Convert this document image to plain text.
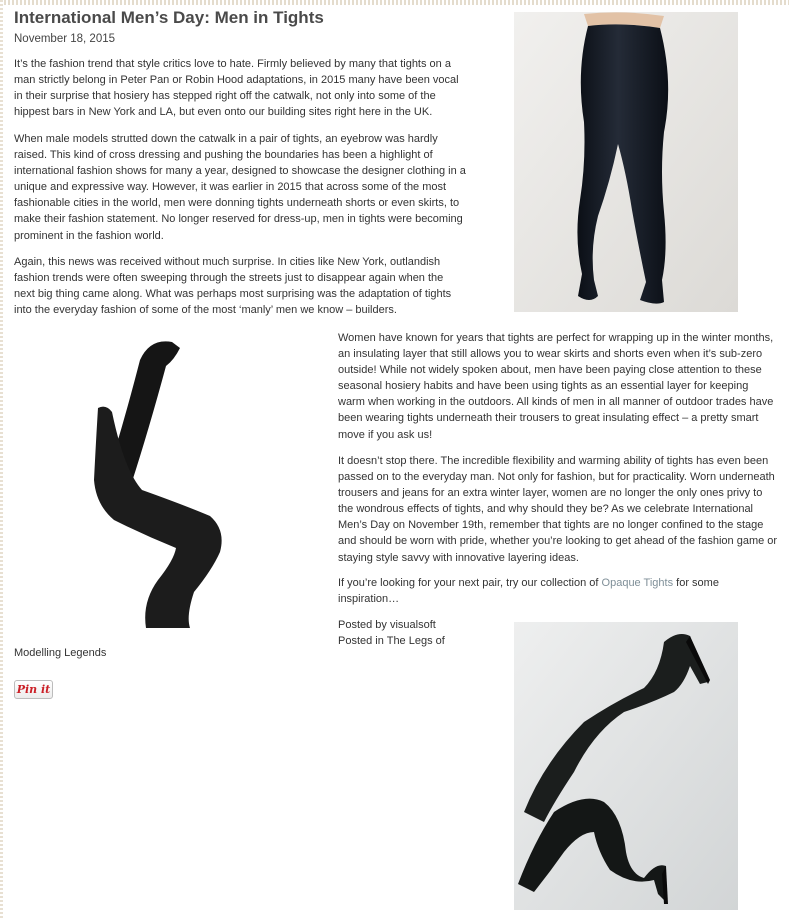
International Men’s Day: Men in Tights
November 18, 2015

It’s the fashion trend that style critics love to hate. Firmly believed by many that tights on a man strictly belong in Peter Pan or Robin Hood adaptations, in 2015 many have been vocal in their surprise that hosiery has stepped right off the catwalk, not only into some of the hippest bars in New York and LA, but even onto our building sites right here in the UK.

When male models strutted down the catwalk in a pair of tights, an eyebrow was hardly raised. This kind of cross dressing and pushing the boundaries has been a highlight of international fashion shows for many a year, designed to showcase the designer clothing in a unique and expressive way. However, it was earlier in 2015 that across some of the most fashionable cities in the world, men were donning tights underneath shorts or even skirts, to make their fashion statement. No longer reserved for dress-up, men in tights were becoming prominent in the fashion world.

Again, this news was received without much surprise. In cities like New York, outlandish fashion trends were often sweeping through the streets just to disappear again when the next big thing came along. What was perhaps most surprising was the adaptation of tights into the everyday fashion of some of the most ‘manly’ men we know – builders.

Women have known for years that tights are perfect for wrapping up in the winter months, an insulating layer that still allows you to wear skirts and shorts even when it’s sub-zero outside! While not widely spoken about, men have been paying close attention to these seasonal hosiery habits and have been using tights as an essential layer for keeping warm when working in the outdoors. All kinds of men in all manner of outdoor trades have been wearing tights underneath their trousers to great insulating effect – a pretty smart move if you ask us!

It doesn’t stop there. The incredible flexibility and warming ability of tights has even been passed on to the everyday man. Not only for fashion, but for practicality. Worn underneath trousers and jeans for an extra winter layer, women are no longer the only ones privy to the wondrous effects of tights, and why should they be? As we celebrate International Men’s Day on November 19th, remember that tights are no longer confined to the stage and should be worn with pride, whether you’re looking to get ahead of the fashion game or staying style savvy with innovative layering ideas.

If you’re looking for your next pair, try our collection of Opaque Tights for some inspiration…

Posted by visualsoft
Posted in The Legs of
Modelling Legends
Pin it
